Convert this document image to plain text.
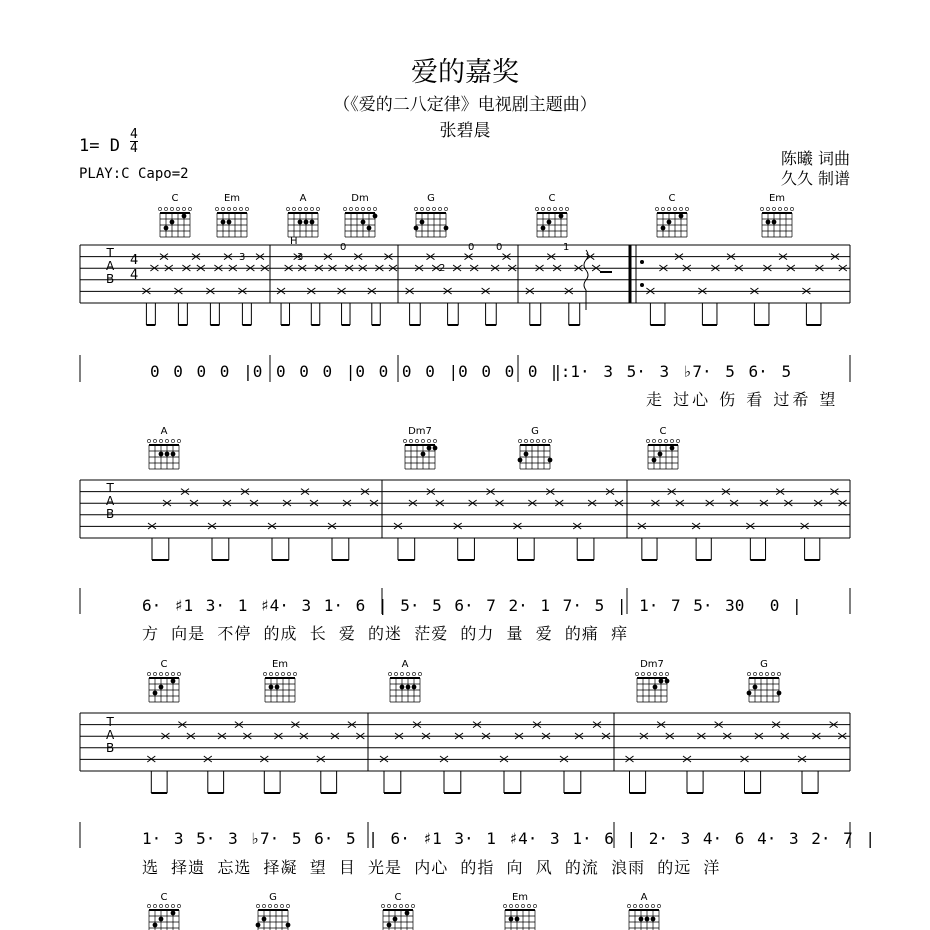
爱的嘉奖
（《爱的二八定律》电视剧主题曲）
张碧晨
1= D
4
4
PLAY:C Capo=2
陈曦 词曲
久久 制谱
T
A
B
4
4
T
A
B
T
A
B
H
3	3
0
2
0 0	1
C	Em	A	Dm	G	C	C	Em
A	Dm7	G	C
C	Em	A	Dm7	G
C	G	C	Em	A
0 0 0 0 |0 0 0 0 |0 0 0 0 |0 0 0 0 ‖:1· 3 5· 3 ♭7· 5 6· 5
走 过心 伤 看 过希 望
6· ♯1 3· 1 ♯4· 3 1· 6 | 5· 5 6· 7 2· 1 7· 5 | 1· 7 5· 30  0 |
方  向是  不停  的成  长  爱  的迷  茫爱  的力  量  爱  的痛  痒
1· 3 5· 3 ♭7· 5 6· 5 | 6· ♯1 3· 1 ♯4· 3 1· 6 | 2· 3 4· 6 4· 3 2· 7 |
选  择遗  忘选  择凝  望  目  光是  内心  的指  向  风  的流  浪雨  的远  洋
